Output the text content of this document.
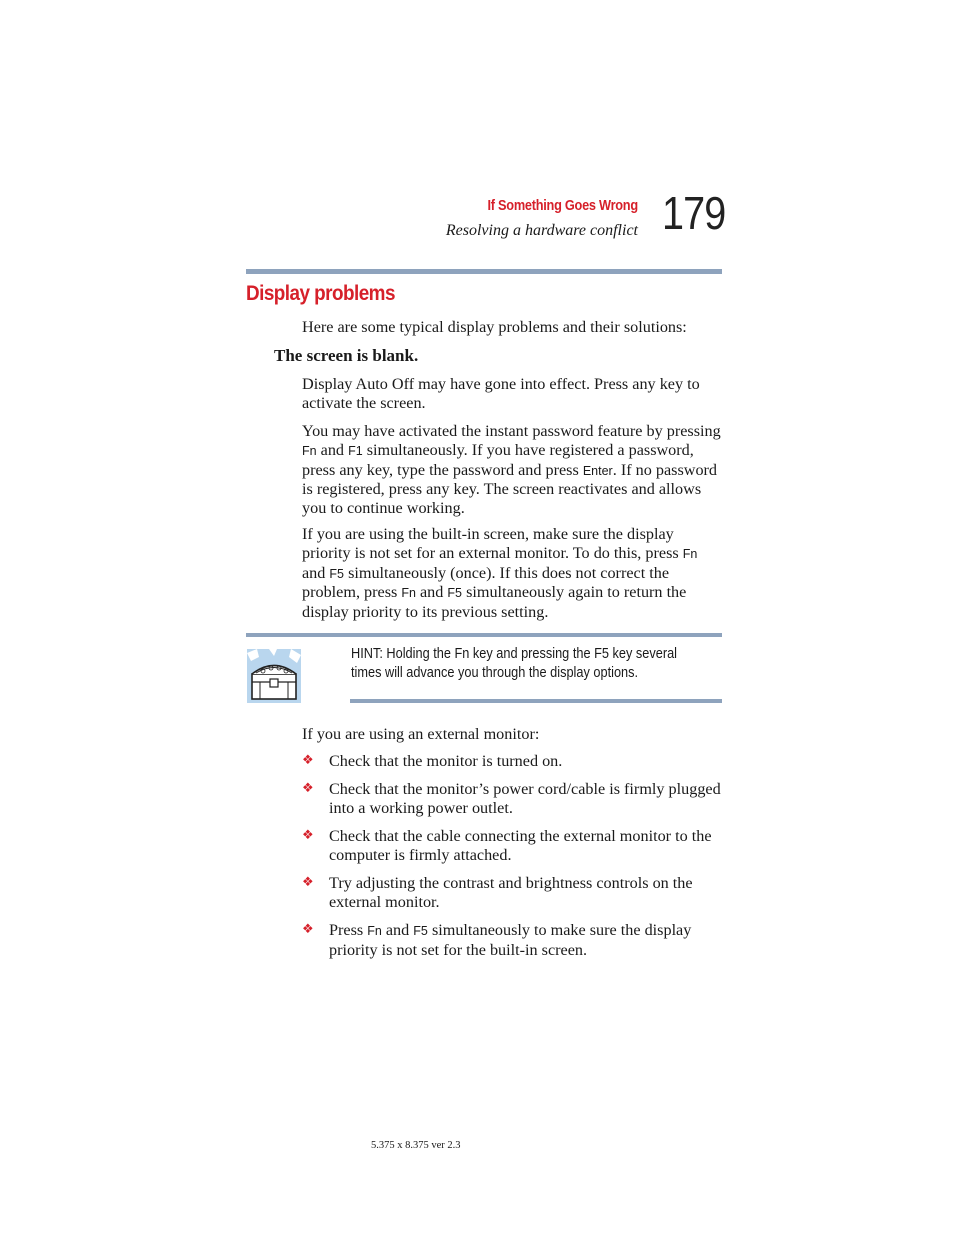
If Something Goes Wrong
Resolving a hardware conflict 179
Display problems
Here are some typical display problems and their solutions:
The screen is blank.
Display Auto Off may have gone into effect. Press any key to activate the screen.
You may have activated the instant password feature by pressing Fn and F1 simultaneously. If you have registered a password, press any key, type the password and press Enter. If no password is registered, press any key. The screen reactivates and allows you to continue working.
If you are using the built-in screen, make sure the display priority is not set for an external monitor. To do this, press Fn and F5 simultaneously (once). If this does not correct the problem, press Fn and F5 simultaneously again to return the display priority to its previous setting.
HINT: Holding the Fn key and pressing the F5 key several times will advance you through the display options.
If you are using an external monitor:
❖ Check that the monitor is turned on.
❖ Check that the monitor’s power cord/cable is firmly plugged into a working power outlet.
❖ Check that the cable connecting the external monitor to the computer is firmly attached.
❖ Try adjusting the contrast and brightness controls on the external monitor.
❖ Press Fn and F5 simultaneously to make sure the display priority is not set for the built-in screen.
5.375 x 8.375 ver 2.3
